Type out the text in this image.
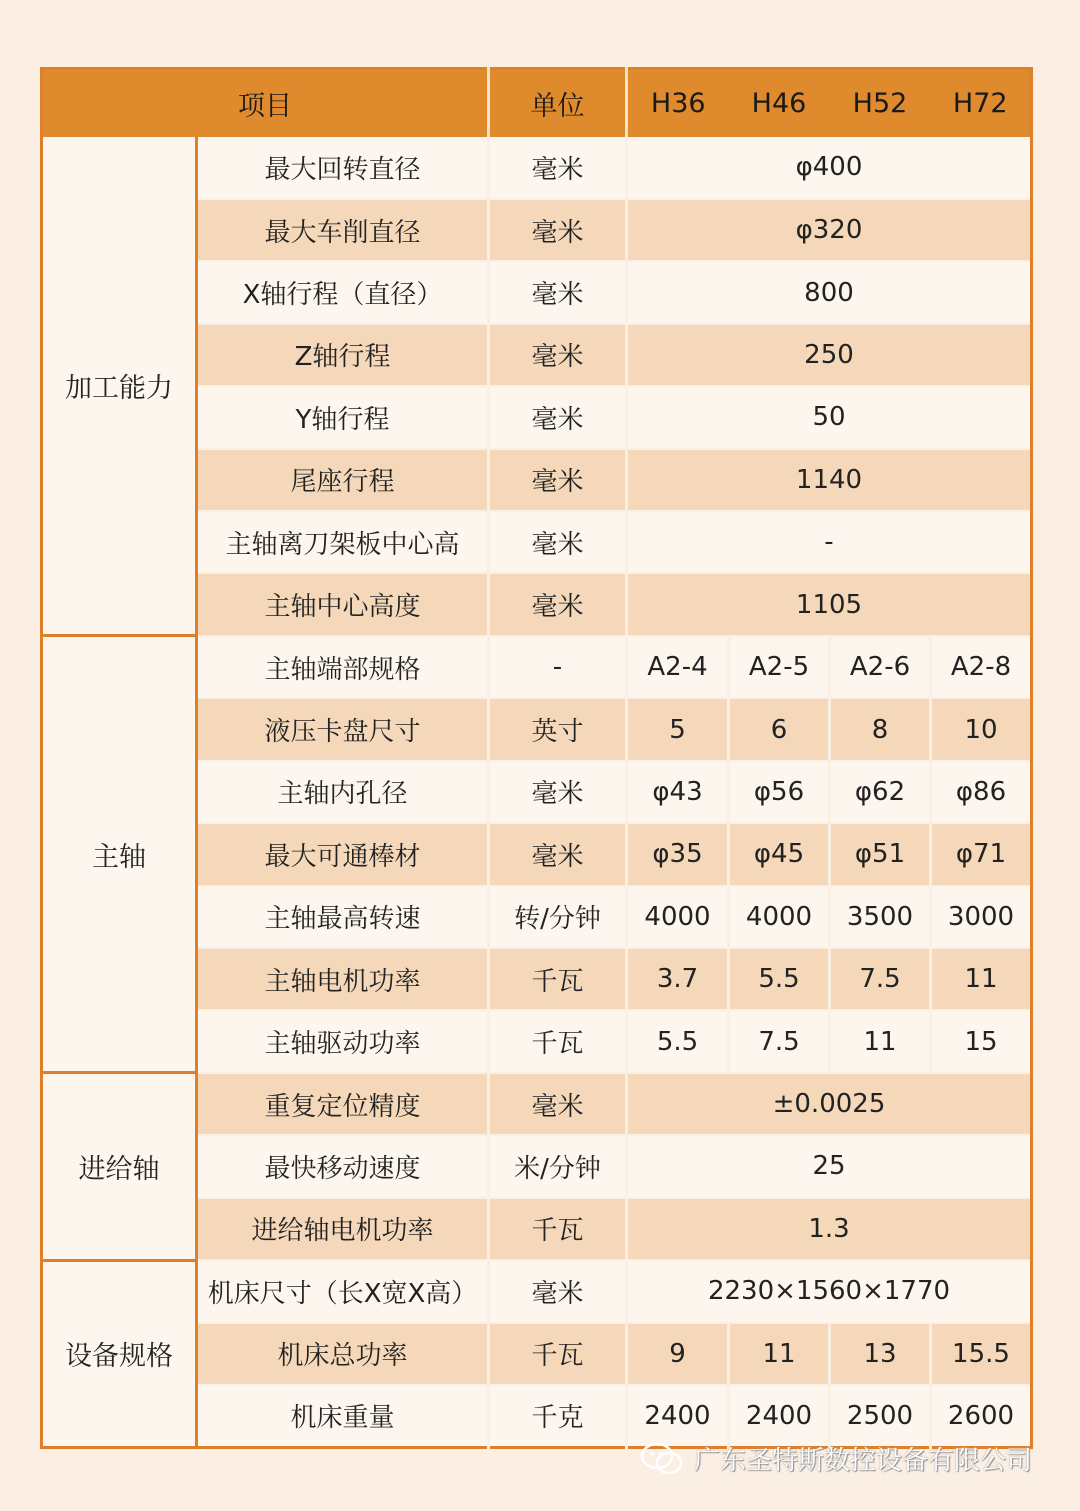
项目		单位	H36	H46	H52	H72
加工能力	最大回转直径	毫米	φ400			
	最大车削直径	毫米	φ320			
	X轴行程（直径）	毫米	800			
	Z轴行程	毫米	250			
	Y轴行程	毫米	50			
	尾座行程	毫米	1140			
	主轴离刀架板中心高	毫米	-			
	主轴中心高度	毫米	1105			
主轴	主轴端部规格	-	A2-4	A2-5	A2-6	A2-8
	液压卡盘尺寸	英寸	5	6	8	10
	主轴内孔径	毫米	φ43	φ56	φ62	φ86
	最大可通棒材	毫米	φ35	φ45	φ51	φ71
	主轴最高转速	转/分钟	4000	4000	3500	3000
	主轴电机功率	千瓦	3.7	5.5	7.5	11
	主轴驱动功率	千瓦	5.5	7.5	11	15
进给轴	重复定位精度	毫米	±0.0025			
	最快移动速度	米/分钟	25			
	进给轴电机功率	千瓦	1.3			
设备规格	机床尺寸（长X宽X高）	毫米	2230×1560×1770			
	机床总功率	千瓦	9	11	13	15.5
	机床重量	千克	2400	2400	2500	2600
广东圣特斯数控设备有限公司
